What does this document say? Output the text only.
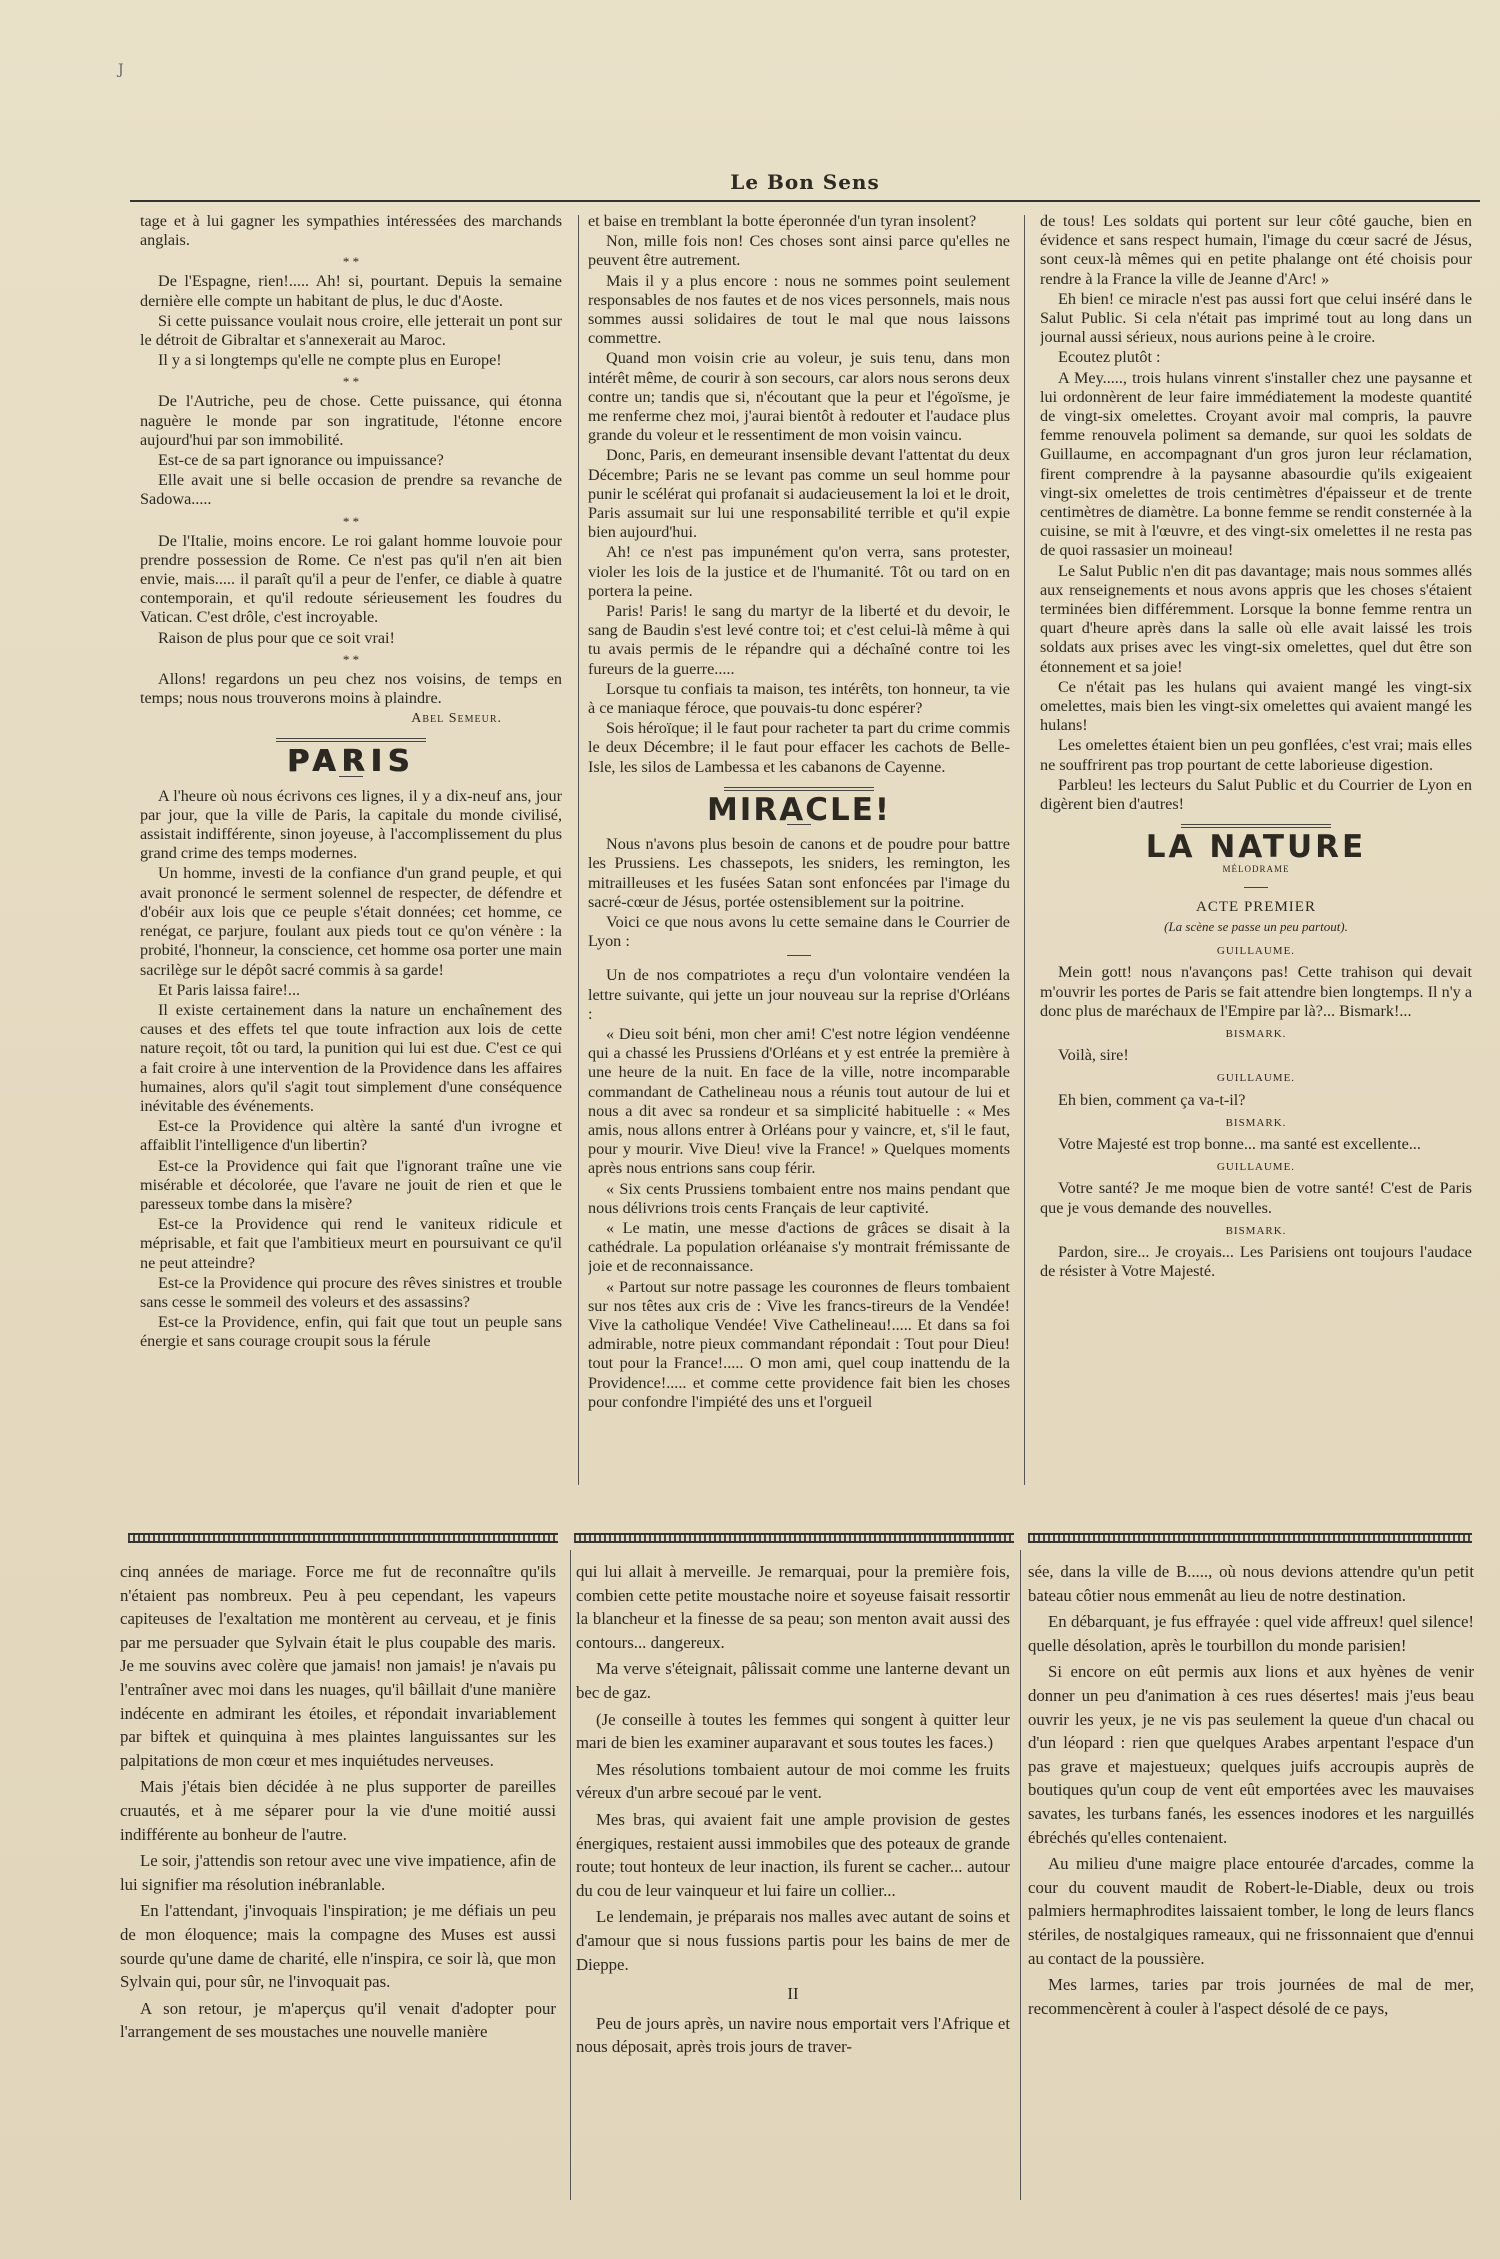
J
Le Bon Sens

tage et à lui gagner les sympathies intéressées des marchands anglais.

* *

De l'Espagne, rien!..... Ah! si, pourtant. Depuis la semaine dernière elle compte un habitant de plus, le duc d'Aoste.

Si cette puissance voulait nous croire, elle jetterait un pont sur le détroit de Gibraltar et s'annexerait au Maroc.

Il y a si longtemps qu'elle ne compte plus en Europe!

* *

De l'Autriche, peu de chose. Cette puissance, qui étonna naguère le monde par son ingratitude, l'étonne encore aujourd'hui par son immobilité.

Est-ce de sa part ignorance ou impuissance?

Elle avait une si belle occasion de prendre sa revanche de Sadowa.....

* *

De l'Italie, moins encore. Le roi galant homme louvoie pour prendre possession de Rome. Ce n'est pas qu'il n'en ait bien envie, mais..... il paraît qu'il a peur de l'enfer, ce diable à quatre contemporain, et qu'il redoute sérieusement les foudres du Vatican. C'est drôle, c'est incroyable.

Raison de plus pour que ce soit vrai!

* *

Allons! regardons un peu chez nos voisins, de temps en temps; nous nous trouverons moins à plaindre.

Abel Semeur.
PARIS

A l'heure où nous écrivons ces lignes, il y a dix-neuf ans, jour par jour, que la ville de Paris, la capitale du monde civilisé, assistait indifférente, sinon joyeuse, à l'accomplissement du plus grand crime des temps modernes.

Un homme, investi de la confiance d'un grand peuple, et qui avait prononcé le serment solennel de respecter, de défendre et d'obéir aux lois que ce peuple s'était données; cet homme, ce renégat, ce parjure, foulant aux pieds tout ce qu'on vénère : la probité, l'honneur, la conscience, cet homme osa porter une main sacrilège sur le dépôt sacré commis à sa garde!

Et Paris laissa faire!...

Il existe certainement dans la nature un enchaînement des causes et des effets tel que toute infraction aux lois de cette nature reçoit, tôt ou tard, la punition qui lui est due. C'est ce qui a fait croire à une intervention de la Providence dans les affaires humaines, alors qu'il s'agit tout simplement d'une conséquence inévitable des événements.

Est-ce la Providence qui altère la santé d'un ivrogne et affaiblit l'intelligence d'un libertin?

Est-ce la Providence qui fait que l'ignorant traîne une vie misérable et décolorée, que l'avare ne jouit de rien et que le paresseux tombe dans la misère?

Est-ce la Providence qui rend le vaniteux ridicule et méprisable, et fait que l'ambitieux meurt en poursuivant ce qu'il ne peut atteindre?

Est-ce la Providence qui procure des rêves sinistres et trouble sans cesse le sommeil des voleurs et des assassins?

Est-ce la Providence, enfin, qui fait que tout un peuple sans énergie et sans courage croupit sous la férule

et baise en tremblant la botte éperonnée d'un tyran insolent?

Non, mille fois non! Ces choses sont ainsi parce qu'elles ne peuvent être autrement.

Mais il y a plus encore : nous ne sommes point seulement responsables de nos fautes et de nos vices personnels, mais nous sommes aussi solidaires de tout le mal que nous laissons commettre.

Quand mon voisin crie au voleur, je suis tenu, dans mon intérêt même, de courir à son secours, car alors nous serons deux contre un; tandis que si, n'écoutant que la peur et l'égoïsme, je me renferme chez moi, j'aurai bientôt à redouter et l'audace plus grande du voleur et le ressentiment de mon voisin vaincu.

Donc, Paris, en demeurant insensible devant l'attentat du deux Décembre; Paris ne se levant pas comme un seul homme pour punir le scélérat qui profanait si audacieusement la loi et le droit, Paris assumait sur lui une responsabilité terrible et qu'il expie bien aujourd'hui.

Ah! ce n'est pas impunément qu'on verra, sans protester, violer les lois de la justice et de l'humanité. Tôt ou tard on en portera la peine.

Paris! Paris! le sang du martyr de la liberté et du devoir, le sang de Baudin s'est levé contre toi; et c'est celui-là même à qui tu avais permis de le répandre qui a déchaîné contre toi les fureurs de la guerre.....

Lorsque tu confiais ta maison, tes intérêts, ton honneur, ta vie à ce maniaque féroce, que pouvais-tu donc espérer?

Sois héroïque; il le faut pour racheter ta part du crime commis le deux Décembre; il le faut pour effacer les cachots de Belle-Isle, les silos de Lambessa et les cabanons de Cayenne.

MIRACLE!

Nous n'avons plus besoin de canons et de poudre pour battre les Prussiens. Les chassepots, les sniders, les remington, les mitrailleuses et les fusées Satan sont enfoncées par l'image du sacré-cœur de Jésus, portée ostensiblement sur la poitrine.

Voici ce que nous avons lu cette semaine dans le Courrier de Lyon :

Un de nos compatriotes a reçu d'un volontaire vendéen la lettre suivante, qui jette un jour nouveau sur la reprise d'Orléans :

« Dieu soit béni, mon cher ami! C'est notre légion vendéenne qui a chassé les Prussiens d'Orléans et y est entrée la première à une heure de la nuit. En face de la ville, notre incomparable commandant de Cathelineau nous a réunis tout autour de lui et nous a dit avec sa rondeur et sa simplicité habituelle : « Mes amis, nous allons entrer à Orléans pour y vaincre, et, s'il le faut, pour y mourir. Vive Dieu! vive la France! » Quelques moments après nous entrions sans coup férir.

« Six cents Prussiens tombaient entre nos mains pendant que nous délivrions trois cents Français de leur captivité.

« Le matin, une messe d'actions de grâces se disait à la cathédrale. La population orléanaise s'y montrait frémissante de joie et de reconnaissance.

« Partout sur notre passage les couronnes de fleurs tombaient sur nos têtes aux cris de : Vive les francs-tireurs de la Vendée! Vive la catholique Vendée! Vive Cathelineau!..... Et dans sa foi admirable, notre pieux commandant répondait : Tout pour Dieu! tout pour la France!..... O mon ami, quel coup inattendu de la Providence!..... et comme cette providence fait bien les choses pour confondre l'impiété des uns et l'orgueil

de tous! Les soldats qui portent sur leur côté gauche, bien en évidence et sans respect humain, l'image du cœur sacré de Jésus, sont ceux-là mêmes qui en petite phalange ont été choisis pour rendre à la France la ville de Jeanne d'Arc! »

Eh bien! ce miracle n'est pas aussi fort que celui inséré dans le Salut Public. Si cela n'était pas imprimé tout au long dans un journal aussi sérieux, nous aurions peine à le croire.

Ecoutez plutôt :

A Mey....., trois hulans vinrent s'installer chez une paysanne et lui ordonnèrent de leur faire immédiatement la modeste quantité de vingt-six omelettes. Croyant avoir mal compris, la pauvre femme renouvela poliment sa demande, sur quoi les soldats de Guillaume, en accompagnant d'un gros juron leur réclamation, firent comprendre à la paysanne abasourdie qu'ils exigeaient vingt-six omelettes de trois centimètres d'épaisseur et de trente centimètres de diamètre. La bonne femme se rendit consternée à la cuisine, se mit à l'œuvre, et des vingt-six omelettes il ne resta pas de quoi rassasier un moineau!

Le Salut Public n'en dit pas davantage; mais nous sommes allés aux renseignements et nous avons appris que les choses s'étaient terminées bien différemment. Lorsque la bonne femme rentra un quart d'heure après dans la salle où elle avait laissé les trois soldats aux prises avec les vingt-six omelettes, quel dut être son étonnement et sa joie!

Ce n'était pas les hulans qui avaient mangé les vingt-six omelettes, mais bien les vingt-six omelettes qui avaient mangé les hulans!

Les omelettes étaient bien un peu gonflées, c'est vrai; mais elles ne souffrirent pas trop pourtant de cette laborieuse digestion.

Parbleu! les lecteurs du Salut Public et du Courrier de Lyon en digèrent bien d'autres!

LA NATURE
MÉLODRAME
ACTE PREMIER
(La scène se passe un peu partout).
GUILLAUME.

Mein gott! nous n'avançons pas! Cette trahison qui devait m'ouvrir les portes de Paris se fait attendre bien longtemps. Il n'y a donc plus de maréchaux de l'Empire par là?... Bismark!...

BISMARK.

Voilà, sire!

GUILLAUME.

Eh bien, comment ça va-t-il?

BISMARK.

Votre Majesté est trop bonne... ma santé est excellente...

GUILLAUME.

Votre santé? Je me moque bien de votre santé! C'est de Paris que je vous demande des nouvelles.

BISMARK.

Pardon, sire... Je croyais... Les Parisiens ont toujours l'audace de résister à Votre Majesté.

cinq années de mariage. Force me fut de reconnaître qu'ils n'étaient pas nombreux. Peu à peu cependant, les vapeurs capiteuses de l'exaltation me montèrent au cerveau, et je finis par me persuader que Sylvain était le plus coupable des maris. Je me souvins avec colère que jamais! non jamais! je n'avais pu l'entraîner avec moi dans les nuages, qu'il bâillait d'une manière indécente en admirant les étoiles, et répondait invariablement par biftek et quinquina à mes plaintes languissantes sur les palpitations de mon cœur et mes inquiétudes nerveuses.

Mais j'étais bien décidée à ne plus supporter de pareilles cruautés, et à me séparer pour la vie d'une moitié aussi indifférente au bonheur de l'autre.

Le soir, j'attendis son retour avec une vive impatience, afin de lui signifier ma résolution inébranlable.

En l'attendant, j'invoquais l'inspiration; je me défiais un peu de mon éloquence; mais la compagne des Muses est aussi sourde qu'une dame de charité, elle n'inspira, ce soir là, que mon Sylvain qui, pour sûr, ne l'invoquait pas.

A son retour, je m'aperçus qu'il venait d'adopter pour l'arrangement de ses moustaches une nouvelle manière

qui lui allait à merveille. Je remarquai, pour la première fois, combien cette petite moustache noire et soyeuse faisait ressortir la blancheur et la finesse de sa peau; son menton avait aussi des contours... dangereux.

Ma verve s'éteignait, pâlissait comme une lanterne devant un bec de gaz.

(Je conseille à toutes les femmes qui songent à quitter leur mari de bien les examiner auparavant et sous toutes les faces.)

Mes résolutions tombaient autour de moi comme les fruits véreux d'un arbre secoué par le vent.

Mes bras, qui avaient fait une ample provision de gestes énergiques, restaient aussi immobiles que des poteaux de grande route; tout honteux de leur inaction, ils furent se cacher... autour du cou de leur vainqueur et lui faire un collier...

Le lendemain, je préparais nos malles avec autant de soins et d'amour que si nous fussions partis pour les bains de mer de Dieppe.

II

Peu de jours après, un navire nous emportait vers l'Afrique et nous déposait, après trois jours de traver-

sée, dans la ville de B....., où nous devions attendre qu'un petit bateau côtier nous emmenât au lieu de notre destination.

En débarquant, je fus effrayée : quel vide affreux! quel silence! quelle désolation, après le tourbillon du monde parisien!

Si encore on eût permis aux lions et aux hyènes de venir donner un peu d'animation à ces rues désertes! mais j'eus beau ouvrir les yeux, je ne vis pas seulement la queue d'un chacal ou d'un léopard : rien que quelques Arabes arpentant l'espace d'un pas grave et majestueux; quelques juifs accroupis auprès de boutiques qu'un coup de vent eût emportées avec les mauvaises savates, les turbans fanés, les essences inodores et les narguillés ébréchés qu'elles contenaient.

Au milieu d'une maigre place entourée d'arcades, comme la cour du couvent maudit de Robert-le-Diable, deux ou trois palmiers hermaphrodites laissaient tomber, le long de leurs flancs stériles, de nostalgiques rameaux, qui ne frissonnaient que d'ennui au contact de la poussière.

Mes larmes, taries par trois journées de mal de mer, recommencèrent à couler à l'aspect désolé de ce pays,
